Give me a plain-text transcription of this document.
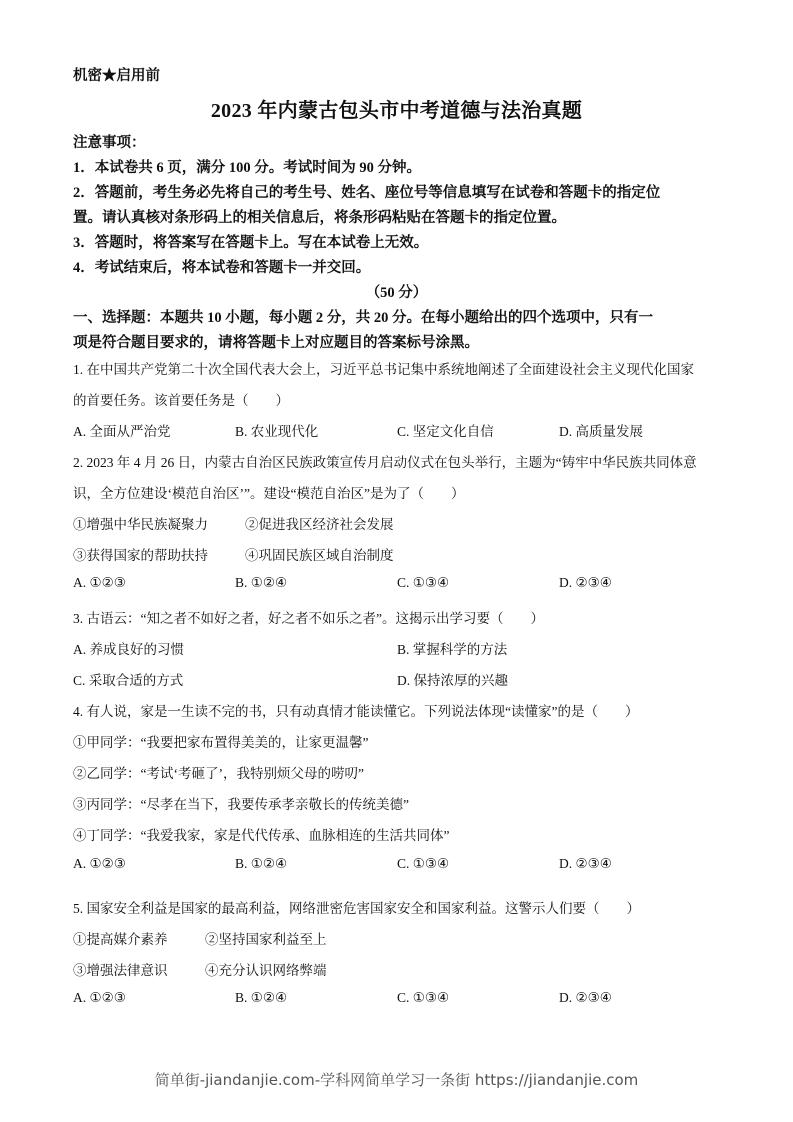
机密★启用前
2023 年内蒙古包头市中考道德与法治真题
注意事项：
1．本试卷共 6 页，满分 100 分。考试时间为 90 分钟。
2．答题前，考生务必先将自己的考生号、姓名、座位号等信息填写在试卷和答题卡的指定位
置。请认真核对条形码上的相关信息后，将条形码粘贴在答题卡的指定位置。
3．答题时，将答案写在答题卡上。写在本试卷上无效。
4．考试结束后，将本试卷和答题卡一并交回。
（50 分）
一、选择题：本题共 10 小题，每小题 2 分，共 20 分。在每小题给出的四个选项中，只有一
项是符合题目要求的，请将答题卡上对应题目的答案标号涂黑。
1. 在中国共产党第二十次全国代表大会上，习近平总书记集中系统地阐述了全面建设社会主义现代化国家
的首要任务。该首要任务是（　　）
A. 全面从严治党	B. 农业现代化	C. 坚定文化自信	D. 高质量发展
2. 2023 年 4 月 26 日，内蒙古自治区民族政策宣传月启动仪式在包头举行，主题为“铸牢中华民族共同体意
识，全方位建设‘模范自治区’”。建设“模范自治区”是为了（　　）
①增强中华民族凝聚力	②促进我区经济社会发展
③获得国家的帮助扶持	④巩固民族区域自治制度
A. ①②③	B. ①②④	C. ①③④	D. ②③④
3. 古语云：“知之者不如好之者，好之者不如乐之者”。这揭示出学习要（　　）
A. 养成良好的习惯	B. 掌握科学的方法
C. 采取合适的方式	D. 保持浓厚的兴趣
4. 有人说，家是一生读不完的书，只有动真情才能读懂它。下列说法体现“读懂家”的是（　　）
①甲同学：“我要把家布置得美美的，让家更温馨”
②乙同学：“考试‘考砸了’，我特别烦父母的唠叨”
③丙同学：“尽孝在当下，我要传承孝亲敬长的传统美德”
④丁同学：“我爱我家，家是代代传承、血脉相连的生活共同体”
A. ①②③	B. ①②④	C. ①③④	D. ②③④
5. 国家安全利益是国家的最高利益，网络泄密危害国家安全和国家利益。这警示人们要（　　）
①提高媒介素养	②坚持国家利益至上
③增强法律意识	④充分认识网络弊端
A. ①②③	B. ①②④	C. ①③④	D. ②③④
简单街-jiandanjie.com-学科网简单学习一条街 https://jiandanjie.com
